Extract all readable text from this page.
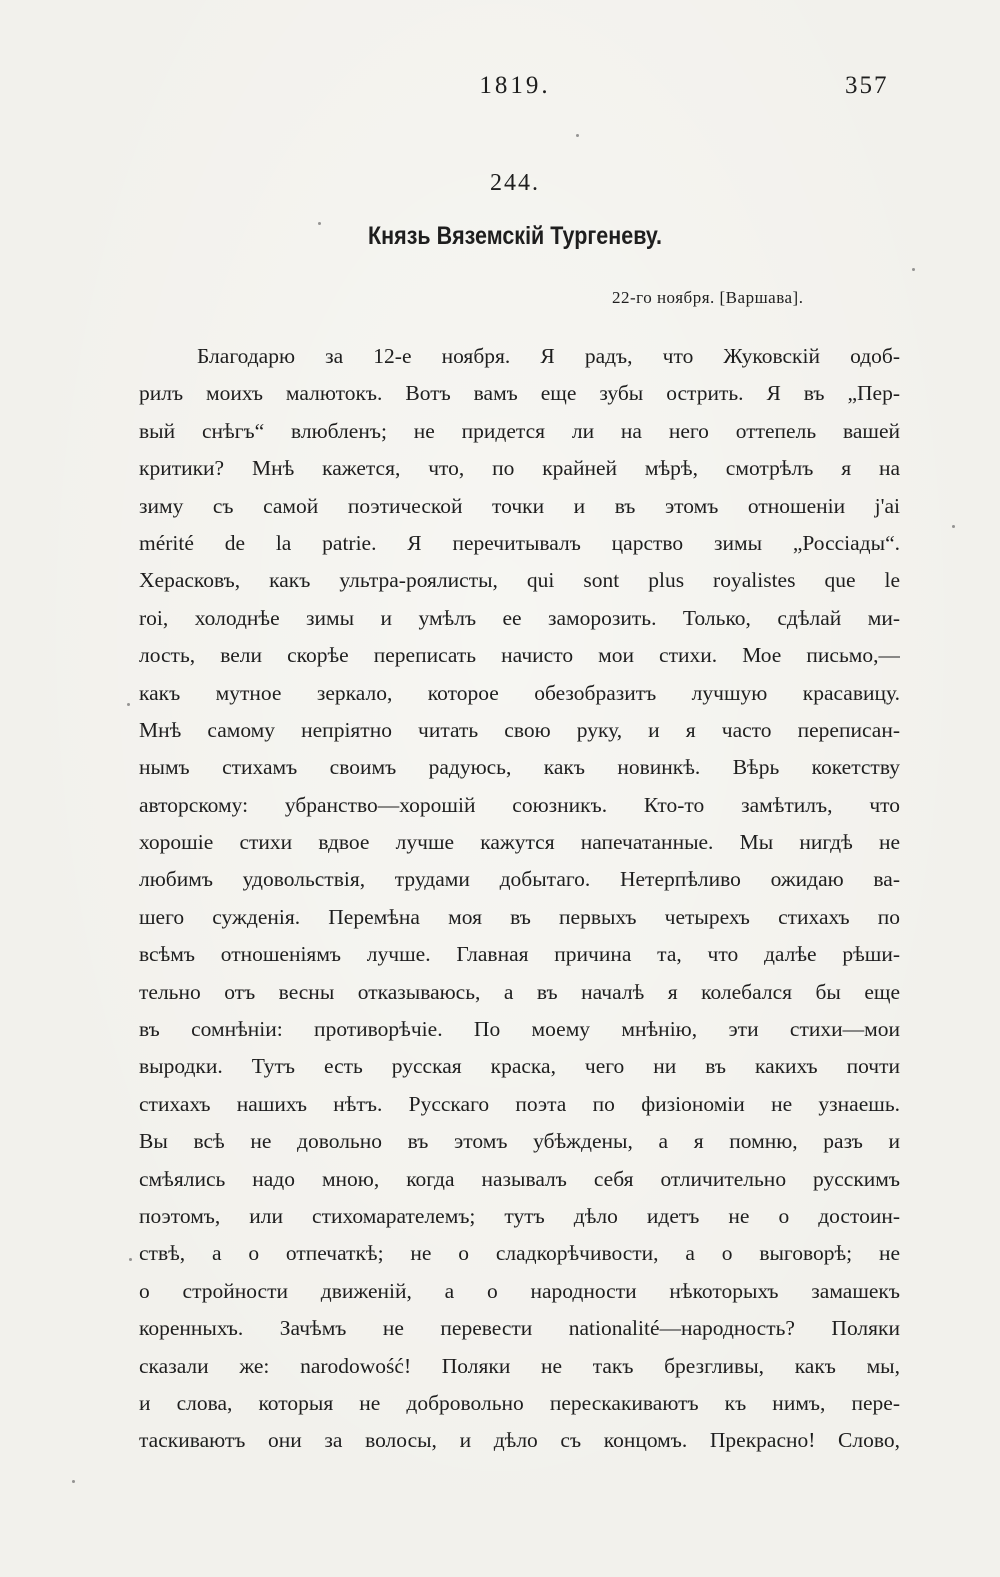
1819.	357
244.
Князь Вяземскій Тургеневу.
22-го ноября. [Варшава].
Благодарю за 12-е ноября. Я радъ, что Жуковскій одоб-
рилъ моихъ малютокъ. Вотъ вамъ еще зубы острить. Я въ „Пер-
вый снѣгъ“ влюбленъ; не придется ли на него оттепель вашей
критики? Мнѣ кажется, что, по крайней мѣрѣ, смотрѣлъ я на
зиму съ самой поэтической точки и въ этомъ отношеніи j'ai
mérité de la patrie. Я перечитывалъ царство зимы „Россіады“.
Херасковъ, какъ ультра-роялисты, qui sont plus royalistes que le
roi, холоднѣе зимы и умѣлъ ее заморозить. Только, сдѣлай ми-
лость, вели скорѣе переписать начисто мои стихи. Мое письмо,—
какъ мутное зеркало, которое обезобразитъ лучшую красавицу.
Мнѣ самому непріятно читать свою руку, и я часто переписан-
нымъ стихамъ своимъ радуюсь, какъ новинкѣ. Вѣрь кокетству
авторскому: убранство—хорошій союзникъ. Кто-то замѣтилъ, что
хорошіе стихи вдвое лучше кажутся напечатанные. Мы нигдѣ не
любимъ удовольствія, трудами добытаго. Нетерпѣливо ожидаю ва-
шего сужденія. Перемѣна моя въ первыхъ четырехъ стихахъ по
всѣмъ отношеніямъ лучше. Главная причина та, что далѣе рѣши-
тельно отъ весны отказываюсь, а въ началѣ я колебался бы еще
въ сомнѣніи: противорѣчіе. По моему мнѣнію, эти стихи—мои
выродки. Тутъ есть русская краска, чего ни въ какихъ почти
стихахъ нашихъ нѣтъ. Русскаго поэта по физіономіи не узнаешь.
Вы всѣ не довольно въ этомъ убѣждены, а я помню, разъ и
смѣялись надо мною, когда называлъ себя отличительно русскимъ
поэтомъ, или стихомарателемъ; тутъ дѣло идетъ не о достоин-
ствѣ, а о отпечаткѣ; не о сладкорѣчивости, а о выговорѣ; не
о стройности движеній, а о народности нѣкоторыхъ замашекъ
коренныхъ. Зачѣмъ не перевести nationalité—народность? Поляки
сказали же: narodowość! Поляки не такъ брезгливы, какъ мы,
и слова, которыя не добровольно перескакиваютъ къ нимъ, пере-
таскиваютъ они за волосы, и дѣло съ концомъ. Прекрасно! Слово,
